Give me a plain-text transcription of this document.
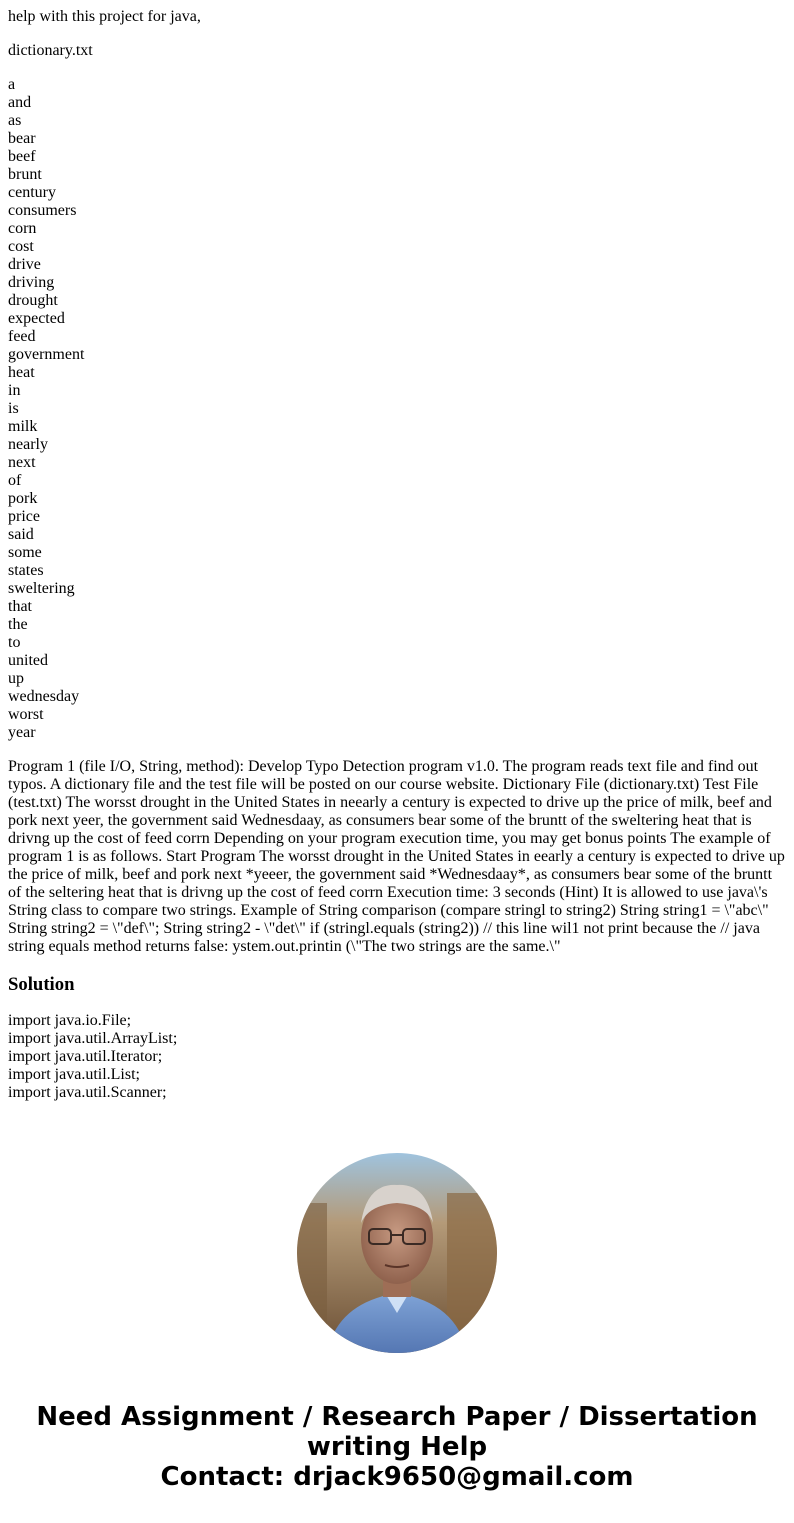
help with this project for java,

dictionary.txt

a
and
as
bear
beef
brunt
century
consumers
corn
cost
drive
driving
drought
expected
feed
government
heat
in
is
milk
nearly
next
of
pork
price
said
some
states
sweltering
that
the
to
united
up
wednesday
worst
year

Program 1 (file I/O, String, method): Develop Typo Detection program v1.0. The program reads text file and find out typos. A dictionary file and the test file will be posted on our course website. Dictionary File (dictionary.txt) Test File (test.txt) The worsst drought in the United States in neearly a century is expected to drive up the price of milk, beef and pork next yeer, the government said Wednesdaay, as consumers bear some of the bruntt of the sweltering heat that is drivng up the cost of feed corrn Depending on your program execution time, you may get bonus points The example of program 1 is as follows. Start Program The worsst drought in the United States in eearly a century is expected to drive up the price of milk, beef and pork next *yeeer, the government said *Wednesdaay*, as consumers bear some of the bruntt of the seltering heat that is drivng up the cost of feed corrn Execution time: 3 seconds (Hint) It is allowed to use java\'s String class to compare two strings. Example of String comparison (compare stringl to string2) String string1 = \"abc\" String string2 = \"def\"; String string2 - \"det\" if (stringl.equals (string2)) // this line wil1 not print because the // java string equals method returns false: ystem.out.printin (\"The two strings are the same.\"

Solution
import java.io.File;
import java.util.ArrayList;
import java.util.Iterator;
import java.util.List;
import java.util.Scanner;
Need Assignment / Research Paper / Dissertation
writing Help
Contact: drjack9650@gmail.com
